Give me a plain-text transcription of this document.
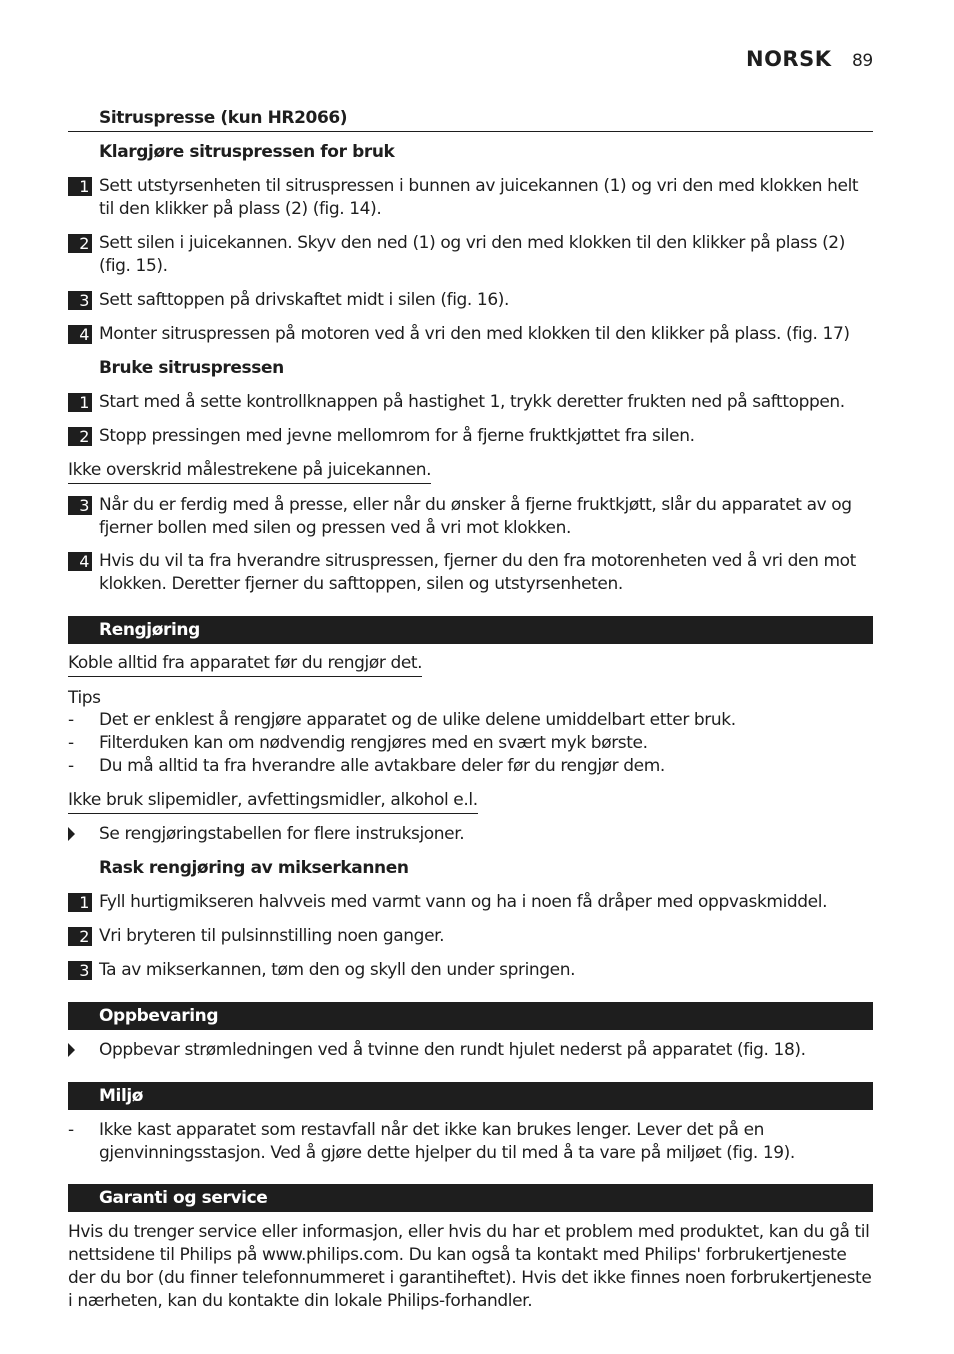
NORSK 89
Sitruspresse (kun HR2066)
Klargjøre sitruspressen for bruk
1 Sett utstyrsenheten til sitruspressen i bunnen av juicekannen (1) og vri den med klokken helt til den klikker på plass (2) (fig. 14).
2 Sett silen i juicekannen. Skyv den ned (1) og vri den med klokken til den klikker på plass (2) (fig. 15).
3 Sett safttoppen på drivskaftet midt i silen (fig. 16).
4 Monter sitruspressen på motoren ved å vri den med klokken til den klikker på plass. (fig. 17)
Bruke sitruspressen
1 Start med å sette kontrollknappen på hastighet 1, trykk deretter frukten ned på safttoppen.
2 Stopp pressingen med jevne mellomrom for å fjerne fruktkjøttet fra silen.
Ikke overskrid målestrekene på juicekannen.
3 Når du er ferdig med å presse, eller når du ønsker å fjerne fruktkjøtt, slår du apparatet av og fjerner bollen med silen og pressen ved å vri mot klokken.
4 Hvis du vil ta fra hverandre sitruspressen, fjerner du den fra motorenheten ved å vri den mot klokken. Deretter fjerner du safttoppen, silen og utstyrsenheten.
Rengjøring
Koble alltid fra apparatet før du rengjør det.
Tips
- Det er enklest å rengjøre apparatet og de ulike delene umiddelbart etter bruk.
- Filterduken kan om nødvendig rengjøres med en svært myk børste.
- Du må alltid ta fra hverandre alle avtakbare deler før du rengjør dem.
Ikke bruk slipemidler, avfettingsmidler, alkohol e.l.
Se rengjøringstabellen for flere instruksjoner.
Rask rengjøring av mikserkannen
1 Fyll hurtigmikseren halvveis med varmt vann og ha i noen få dråper med oppvaskmiddel.
2 Vri bryteren til pulsinnstilling noen ganger.
3 Ta av mikserkannen, tøm den og skyll den under springen.
Oppbevaring
Oppbevar strømledningen ved å tvinne den rundt hjulet nederst på apparatet (fig. 18).
Miljø
- Ikke kast apparatet som restavfall når det ikke kan brukes lenger. Lever det på en gjenvinningsstasjon. Ved å gjøre dette hjelper du til med å ta vare på miljøet (fig. 19).
Garanti og service
Hvis du trenger service eller informasjon, eller hvis du har et problem med produktet, kan du gå til nettsidene til Philips på www.philips.com. Du kan også ta kontakt med Philips' forbrukertjeneste der du bor (du finner telefonnummeret i garantiheftet). Hvis det ikke finnes noen forbrukertjeneste i nærheten, kan du kontakte din lokale Philips-forhandler.
